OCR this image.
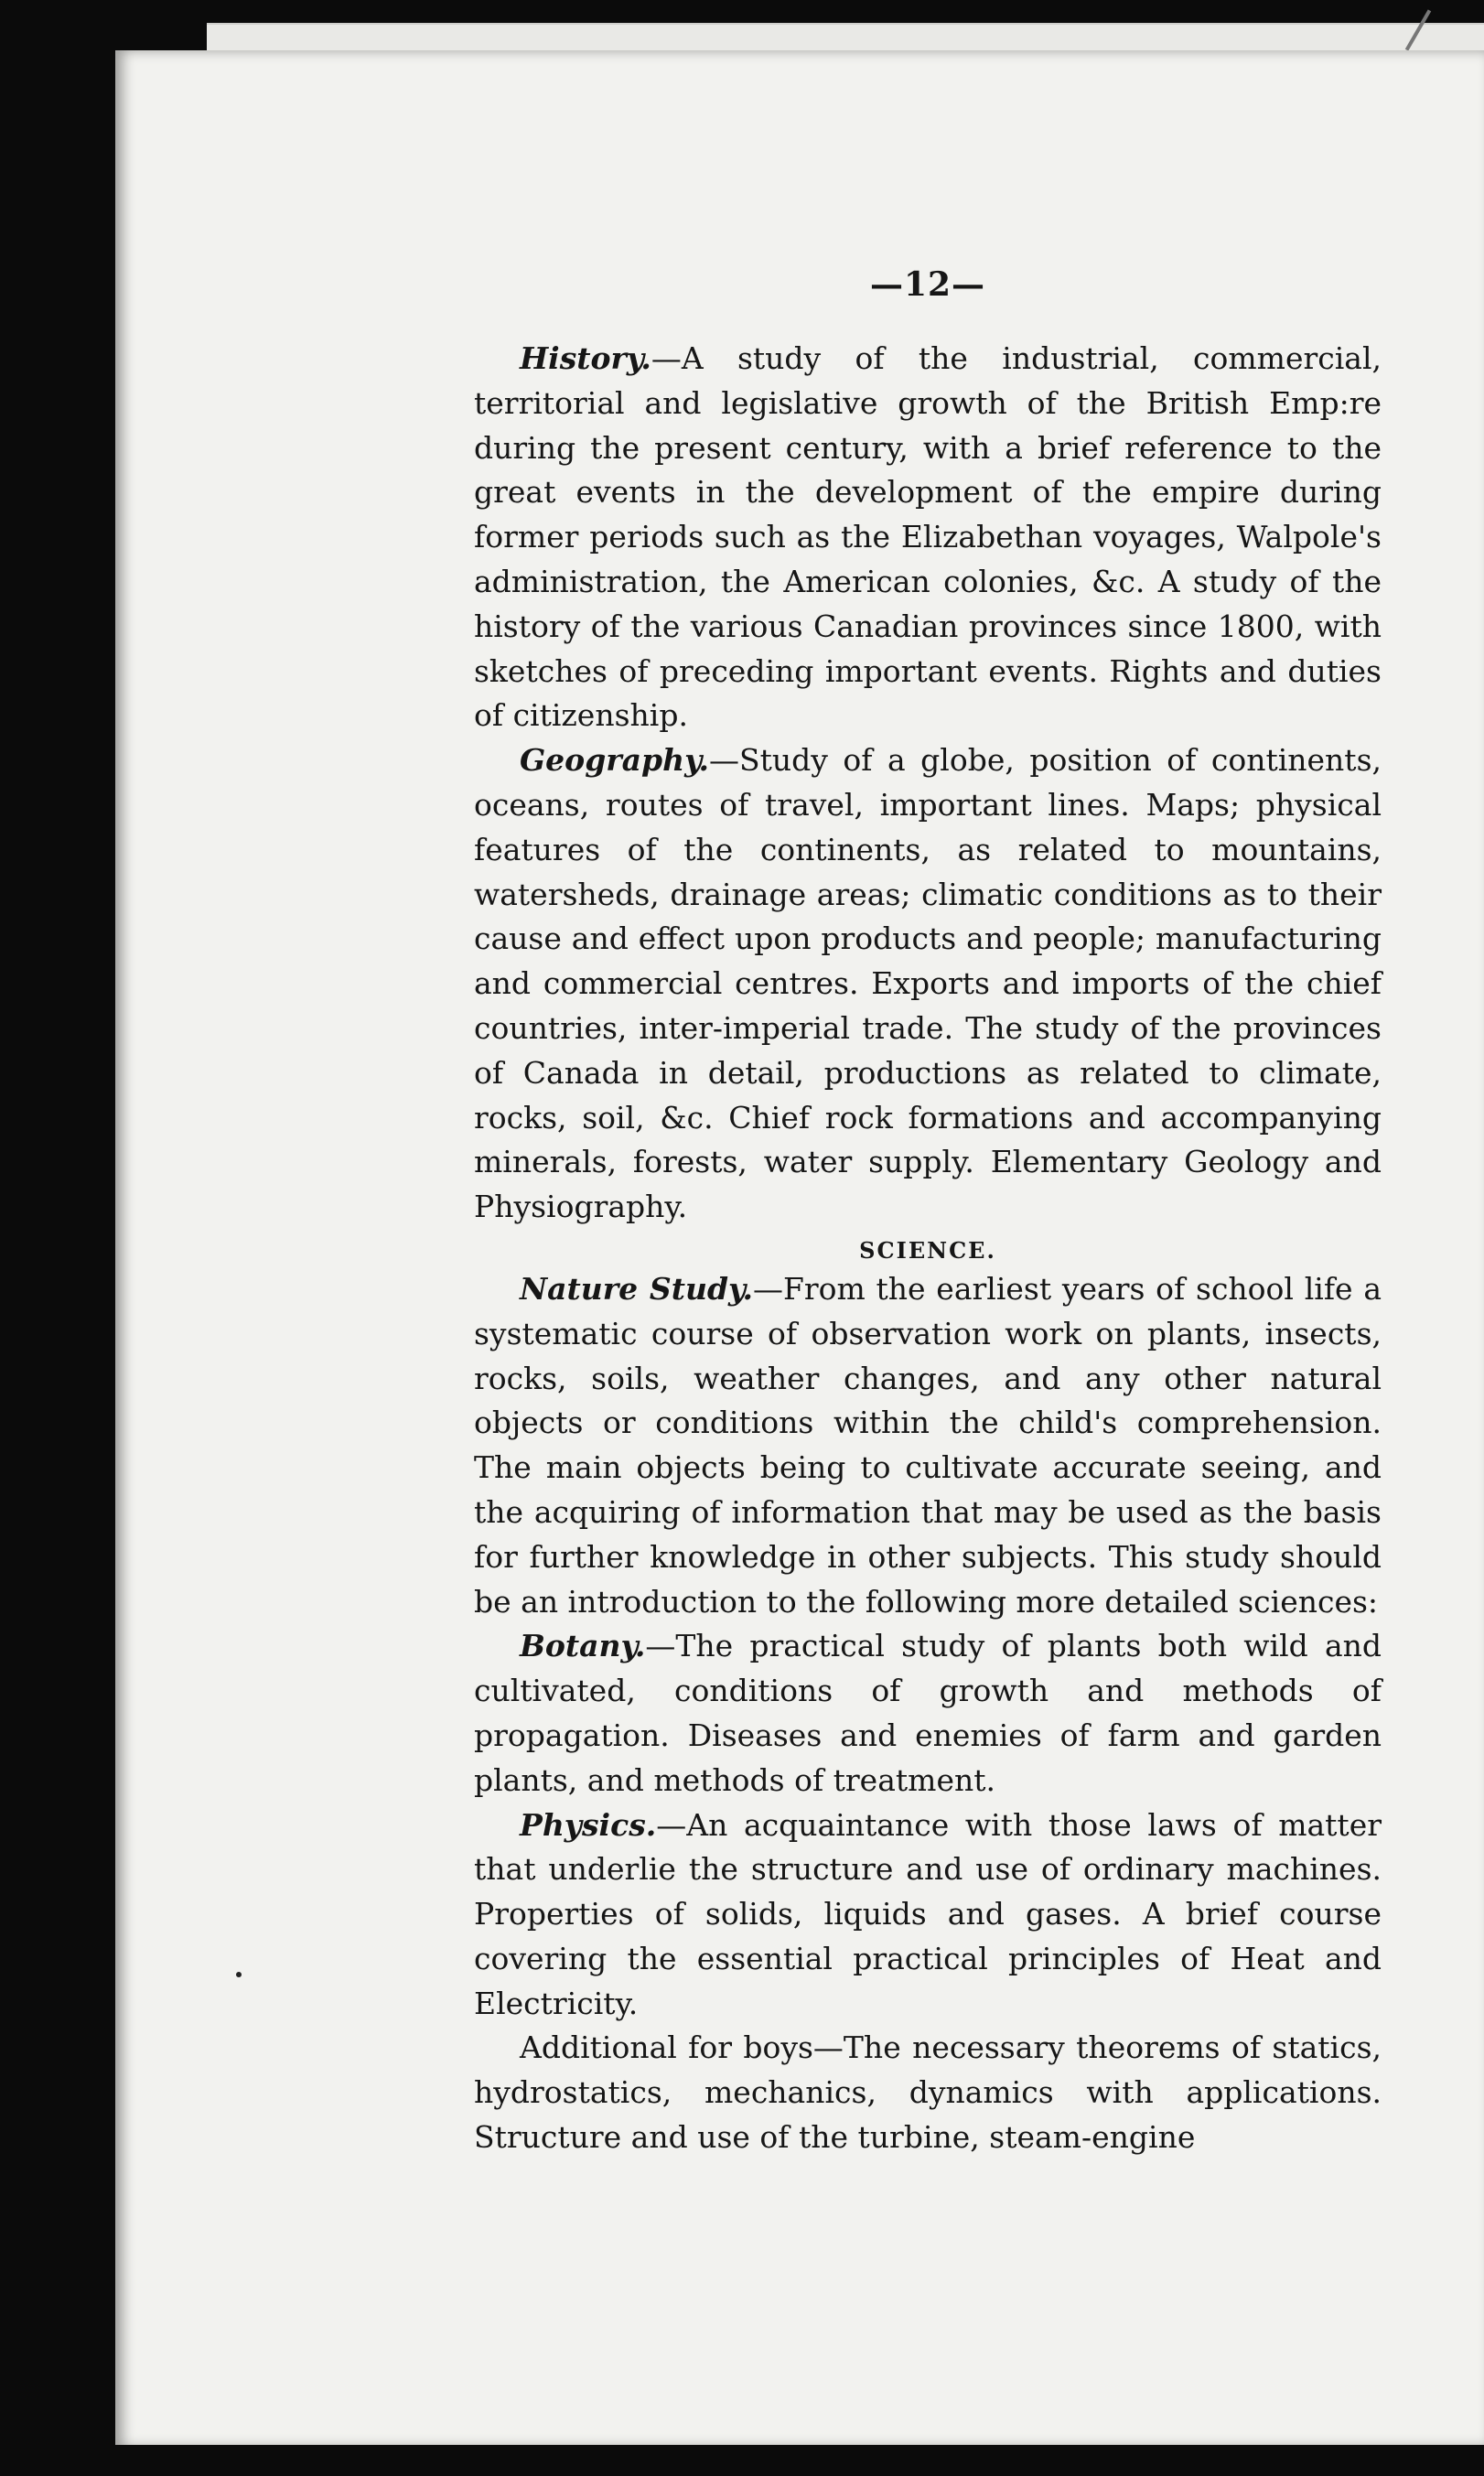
—12—

History.—A study of the industrial, commercial, territorial and legislative growth of the British Emp:re during the present century, with a brief reference to the great events in the development of the empire during former periods such as the Elizabethan voyages, Walpole's administration, the American colonies, &c. A study of the history of the various Canadian provinces since 1800, with sketches of preceding important events. Rights and duties of citizenship.

Geography.—Study of a globe, position of continents, oceans, routes of travel, important lines. Maps; physical features of the continents, as related to mountains, watersheds, drainage areas; climatic conditions as to their cause and effect upon products and people; manufacturing and commercial centres. Exports and imports of the chief countries, inter-imperial trade. The study of the provinces of Canada in detail, productions as related to climate, rocks, soil, &c. Chief rock formations and accompanying minerals, forests, water supply. Elementary Geology and Physiography.

SCIENCE.

Nature Study.—From the earliest years of school life a systematic course of observation work on plants, insects, rocks, soils, weather changes, and any other natural objects or conditions within the child's comprehension. The main objects being to cultivate accurate seeing, and the acquiring of information that may be used as the basis for further knowledge in other subjects. This study should be an introduction to the following more detailed sciences:

Botany.—The practical study of plants both wild and cultivated, conditions of growth and methods of propagation. Diseases and enemies of farm and garden plants, and methods of treatment.

Physics.—An acquaintance with those laws of matter that underlie the structure and use of ordinary machines. Properties of solids, liquids and gases. A brief course covering the essential practical principles of Heat and Electricity.

Additional for boys—The necessary theorems of statics, hydrostatics, mechanics, dynamics with applications. Structure and use of the turbine, steam-engine
